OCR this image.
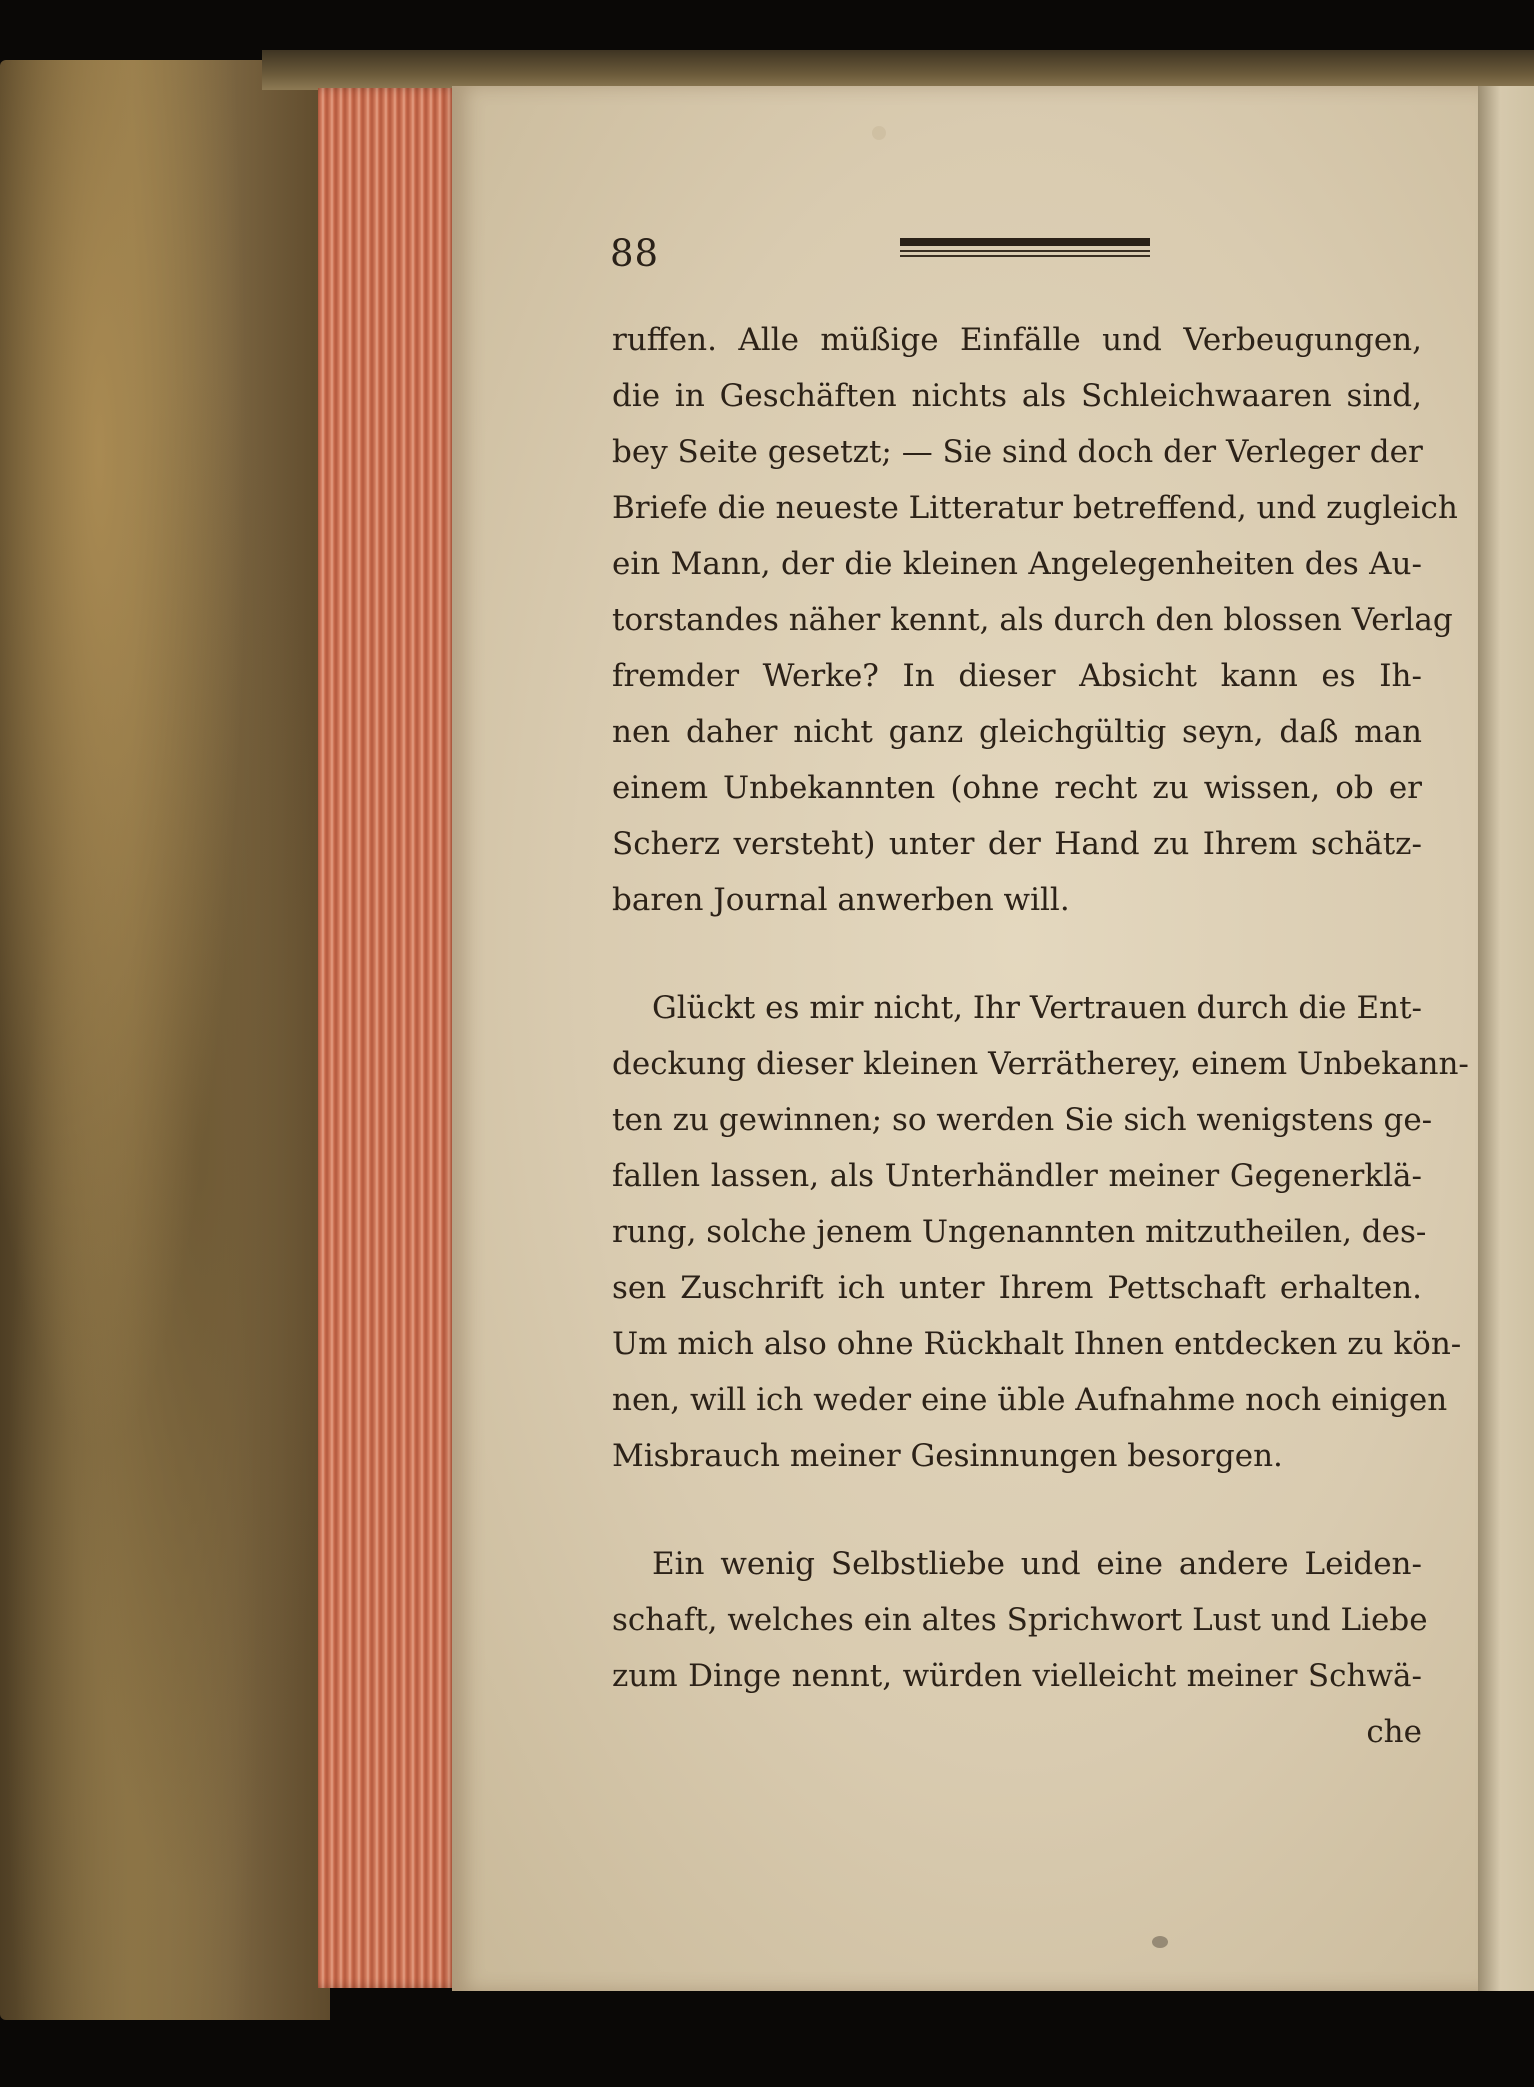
88
ruffen. Alle müßige Einfälle und Verbeugungen,
die in Geschäften nichts als Schleichwaaren sind,
bey Seite gesetzt; — Sie sind doch der Verleger der
Briefe die neueste Litteratur betreffend, und zugleich
ein Mann, der die kleinen Angelegenheiten des Au-
torstandes näher kennt, als durch den blossen Verlag
fremder Werke? In dieser Absicht kann es Ih-
nen daher nicht ganz gleichgültig seyn, daß man
einem Unbekannten (ohne recht zu wissen, ob er
Scherz versteht) unter der Hand zu Ihrem schätz-
baren Journal anwerben will.
Glückt es mir nicht, Ihr Vertrauen durch die Ent-
deckung dieser kleinen Verrätherey, einem Unbekann-
ten zu gewinnen; so werden Sie sich wenigstens ge-
fallen lassen, als Unterhändler meiner Gegenerklä-
rung, solche jenem Ungenannten mitzutheilen, des-
sen Zuschrift ich unter Ihrem Pettschaft erhalten.
Um mich also ohne Rückhalt Ihnen entdecken zu kön-
nen, will ich weder eine üble Aufnahme noch einigen
Misbrauch meiner Gesinnungen besorgen.
Ein wenig Selbstliebe und eine andere Leiden-
schaft, welches ein altes Sprichwort Lust und Liebe
zum Dinge nennt, würden vielleicht meiner Schwä-
che
